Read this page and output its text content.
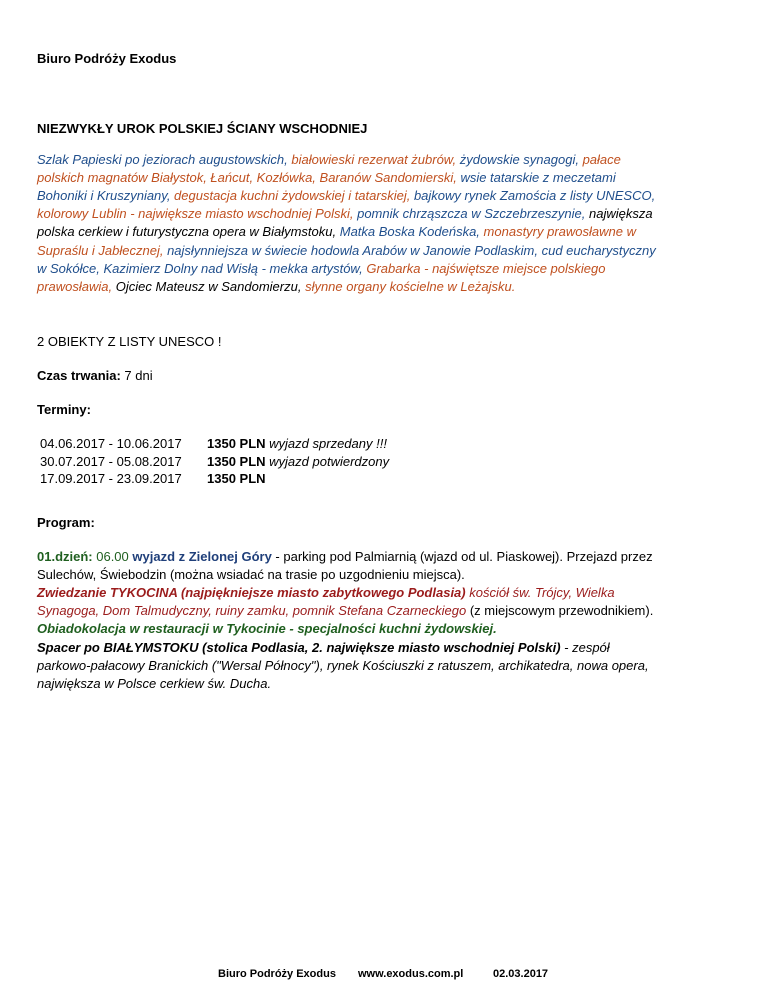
Biuro Podróży Exodus
NIEZWYKŁY UROK POLSKIEJ ŚCIANY WSCHODNIEJ
Szlak Papieski po jeziorach augustowskich, białowieski rezerwat żubrów, żydowskie synagogi, pałace
polskich magnatów Białystok, Łańcut, Kozłówka, Baranów Sandomierski, wsie tatarskie z meczetami
Bohoniki i Kruszyniany, degustacja kuchni żydowskiej i tatarskiej, bajkowy rynek Zamościa z listy UNESCO,
kolorowy Lublin - największe miasto wschodniej Polski, pomnik chrząszcza w Szczebrzeszynie, największa
polska cerkiew i futurystyczna opera w Białymstoku, Matka Boska Kodeńska, monastyry prawosławne w
Supraślu i Jabłecznej, najsłynniejsza w świecie hodowla Arabów w Janowie Podlaskim, cud eucharystyczny
w Sokółce, Kazimierz Dolny nad Wisłą - mekka artystów, Grabarka - najświętsze miejsce polskiego
prawosławia, Ojciec Mateusz w Sandomierzu, słynne organy kościelne w Leżajsku.
2 OBIEKTY Z LISTY UNESCO !
Czas trwania: 7 dni
Terminy:
04.06.2017 - 10.06.2017 1350 PLN wyjazd sprzedany !!!
30.07.2017 - 05.08.2017 1350 PLN wyjazd potwierdzony
17.09.2017 - 23.09.2017 1350 PLN
Program:
01.dzień: 06.00 wyjazd z Zielonej Góry - parking pod Palmiarnią (wjazd od ul. Piaskowej). Przejazd przez
Sulechów, Świebodzin (można wsiadać na trasie po uzgodnieniu miejsca).
Zwiedzanie TYKOCINA (najpiękniejsze miasto zabytkowego Podlasia) kościół św. Trójcy, Wielka
Synagoga, Dom Talmudyczny, ruiny zamku, pomnik Stefana Czarneckiego (z miejscowym przewodnikiem).
Obiadokolacja w restauracji w Tykocinie - specjalności kuchni żydowskiej.
Spacer po BIAŁYMSTOKU (stolica Podlasia, 2. największe miasto wschodniej Polski) - zespół
parkowo-pałacowy Branickich ("Wersal Północy"), rynek Kościuszki z ratuszem, archikatedra, nowa opera,
największa w Polsce cerkiew św. Ducha.
Biuro Podróży Exodus www.exodus.com.pl	02.03.2017
